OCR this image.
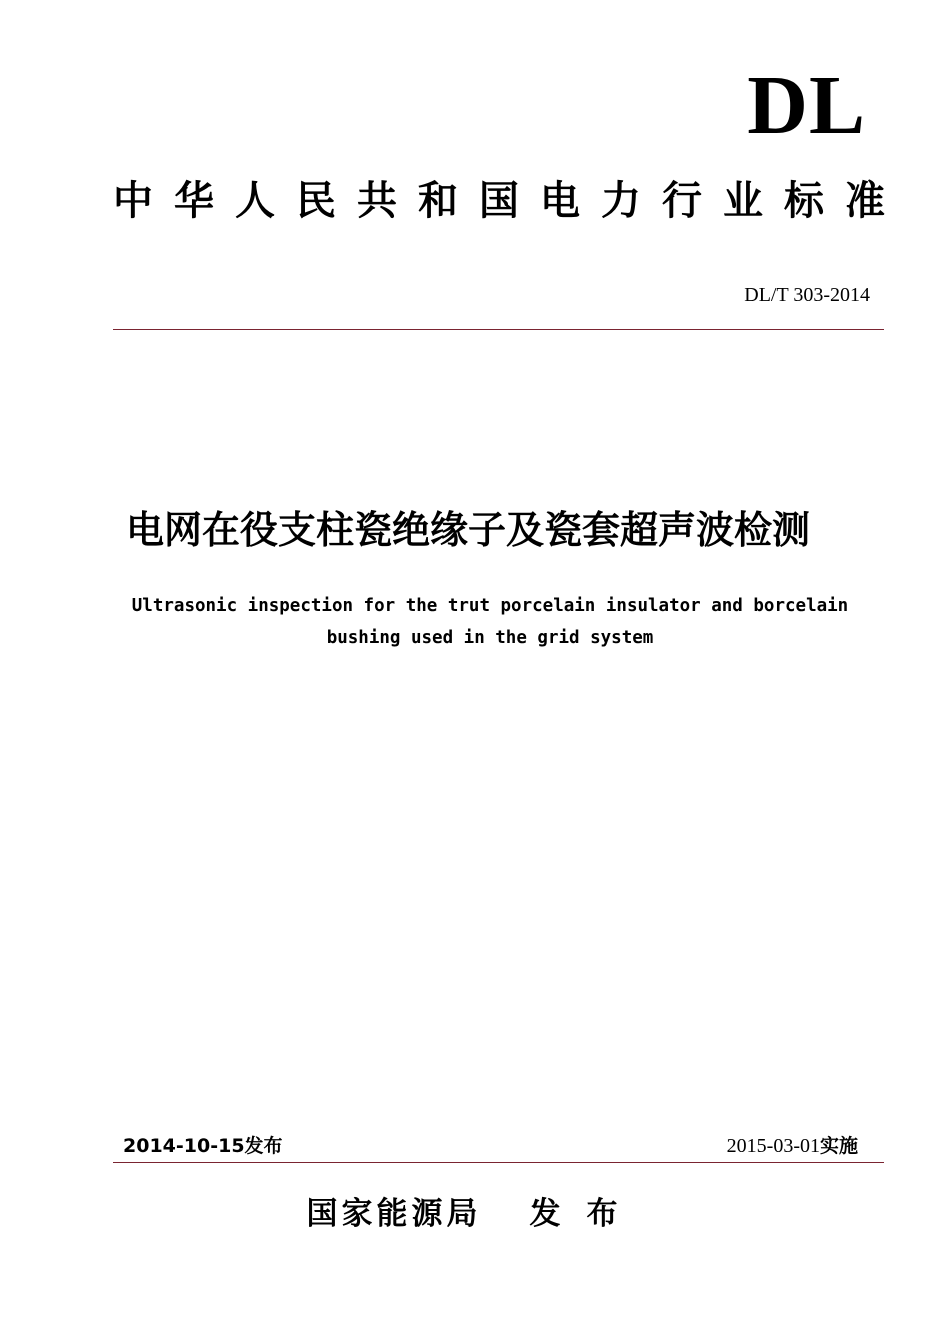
DL
中华人民共和国电力行业标准
DL/T 303-2014
电网在役支柱瓷绝缘子及瓷套超声波检测
Ultrasonic inspection for the trut porcelain insulator and borcelain
bushing used in the grid system
2014-10-15发布	2015-03-01实施
国家能源局 发布
